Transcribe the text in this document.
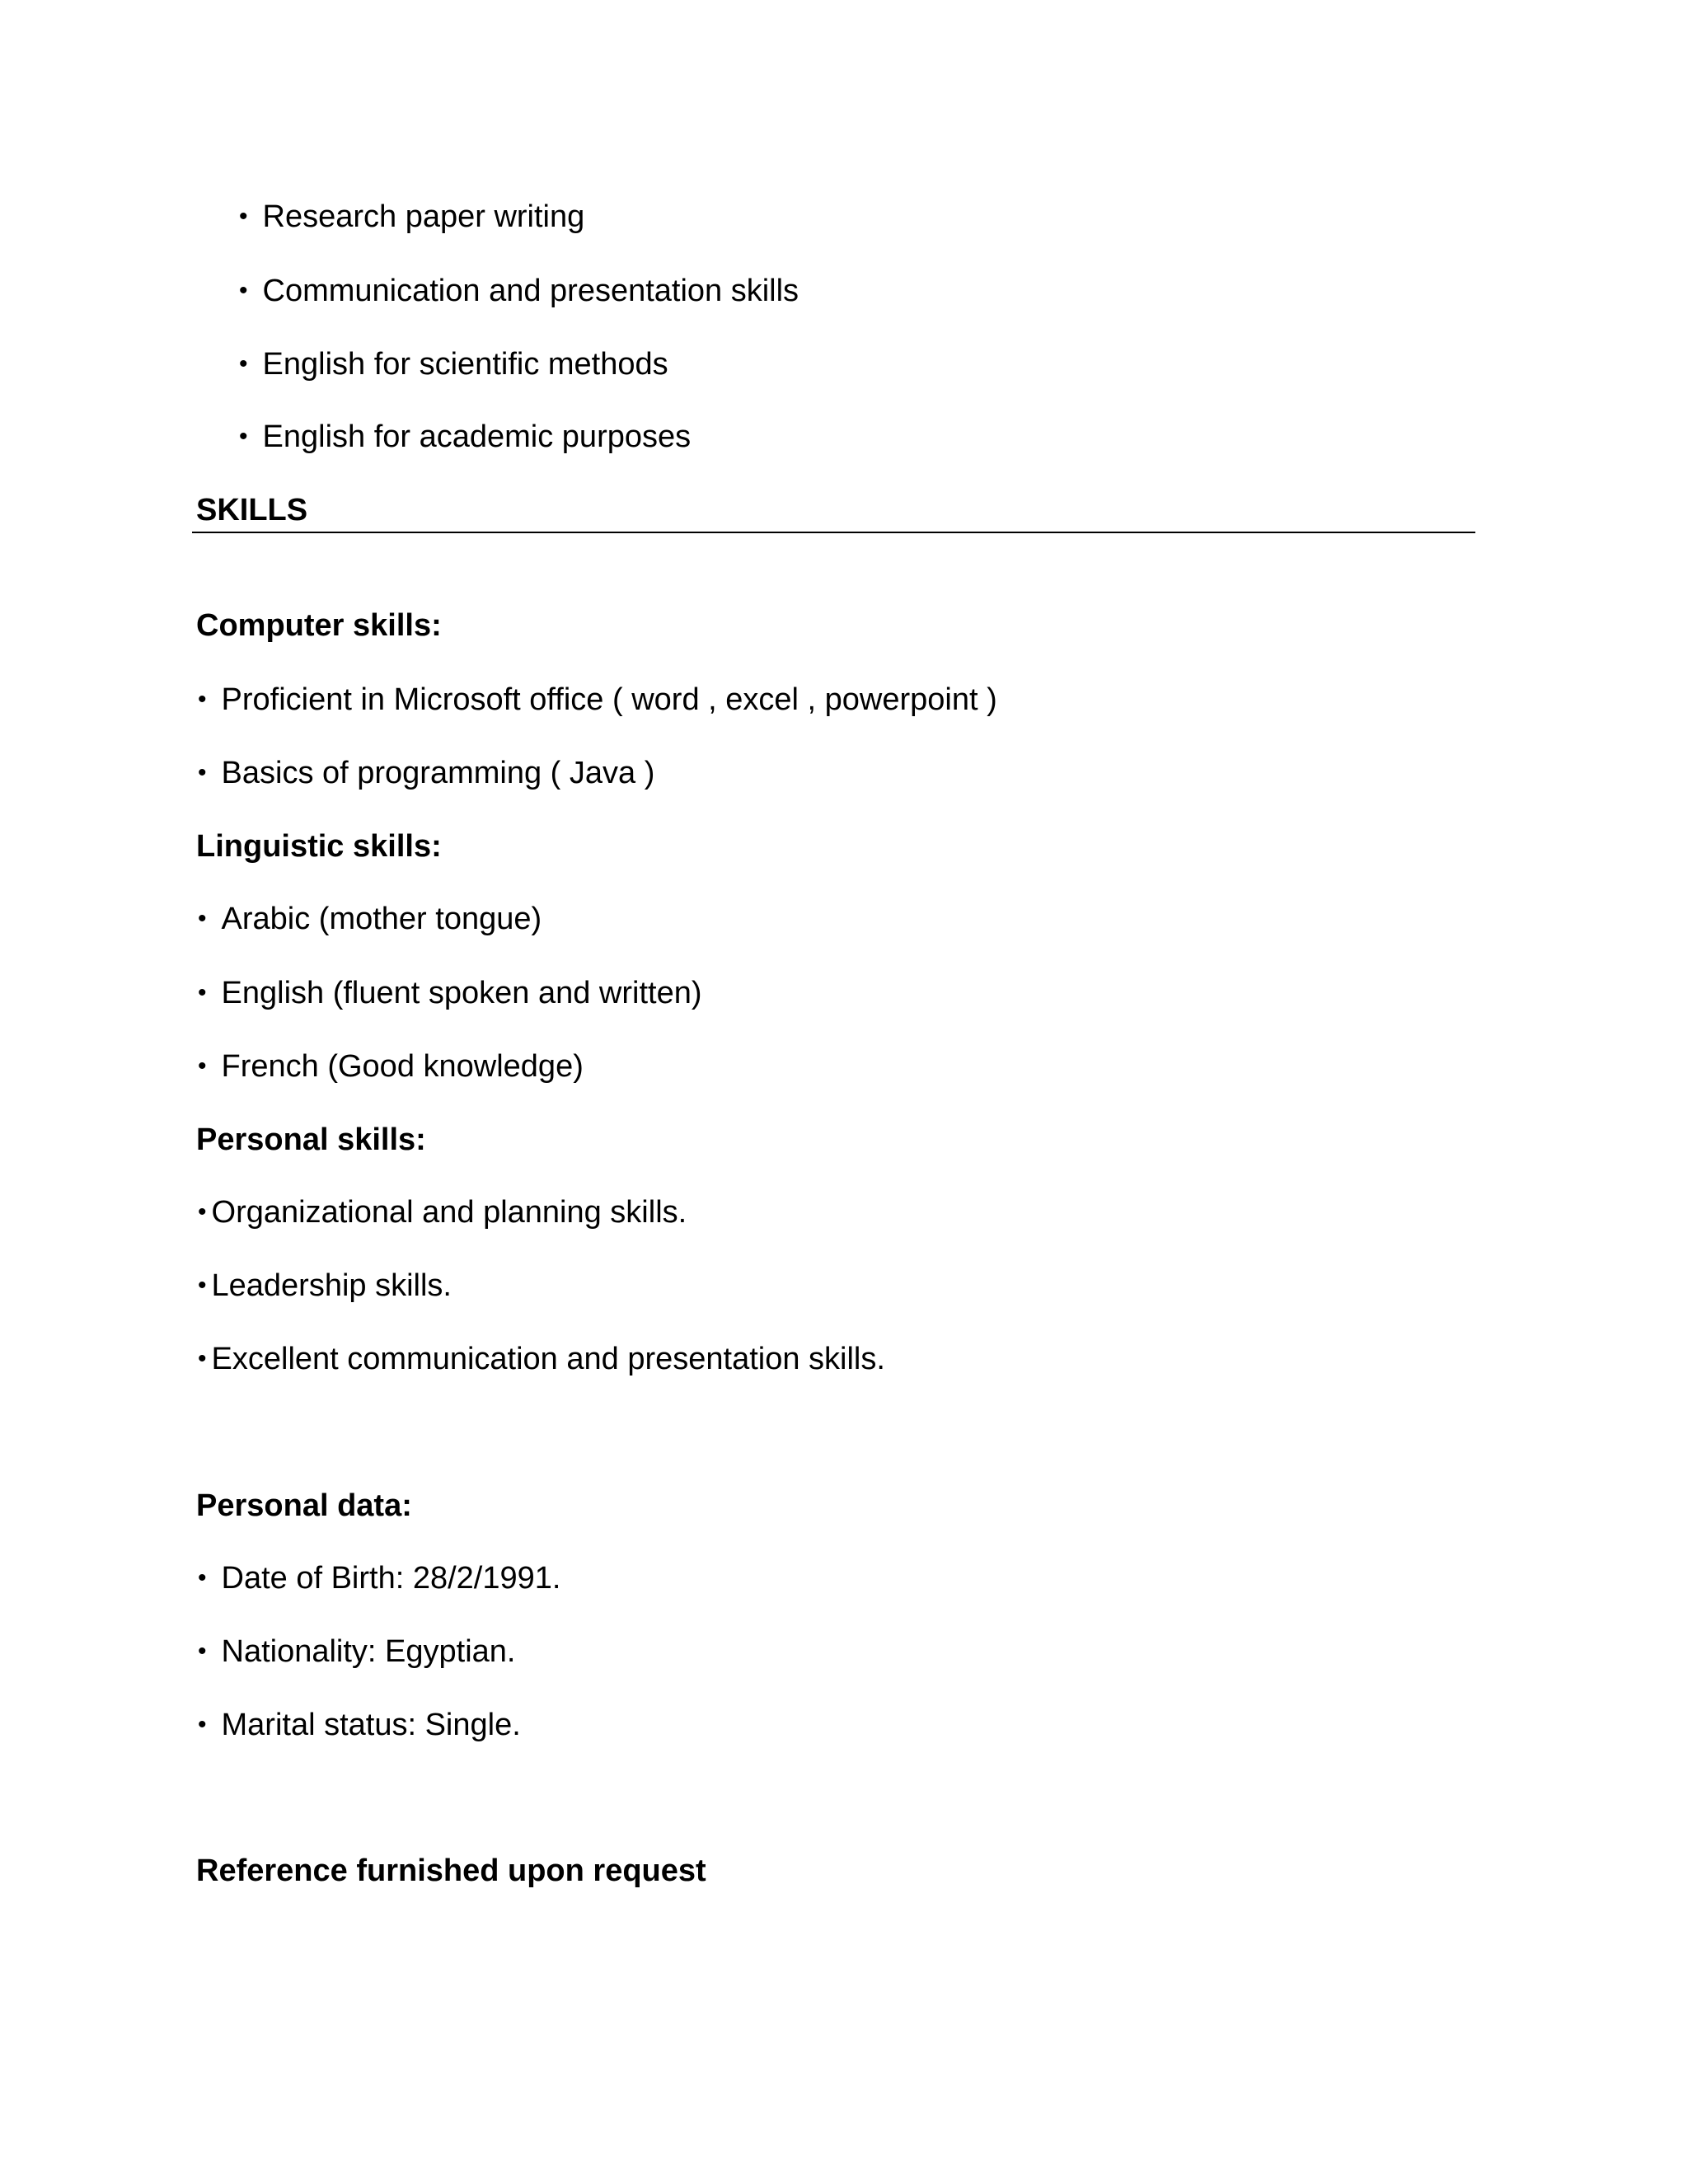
• Research paper writing
• Communication and presentation skills
• English for scientific methods
• English for academic purposes
SKILLS
Computer skills:
• Proficient in Microsoft office ( word , excel , powerpoint )
• Basics of programming ( Java )
Linguistic skills:
• Arabic (mother tongue)
• English (fluent spoken and written)
• French (Good knowledge)
Personal skills:
• Organizational and planning skills.
• Leadership skills.
• Excellent communication and presentation skills.
Personal data:
• Date of Birth: 28/2/1991.
• Nationality: Egyptian.
• Marital status: Single.
Reference furnished upon request
